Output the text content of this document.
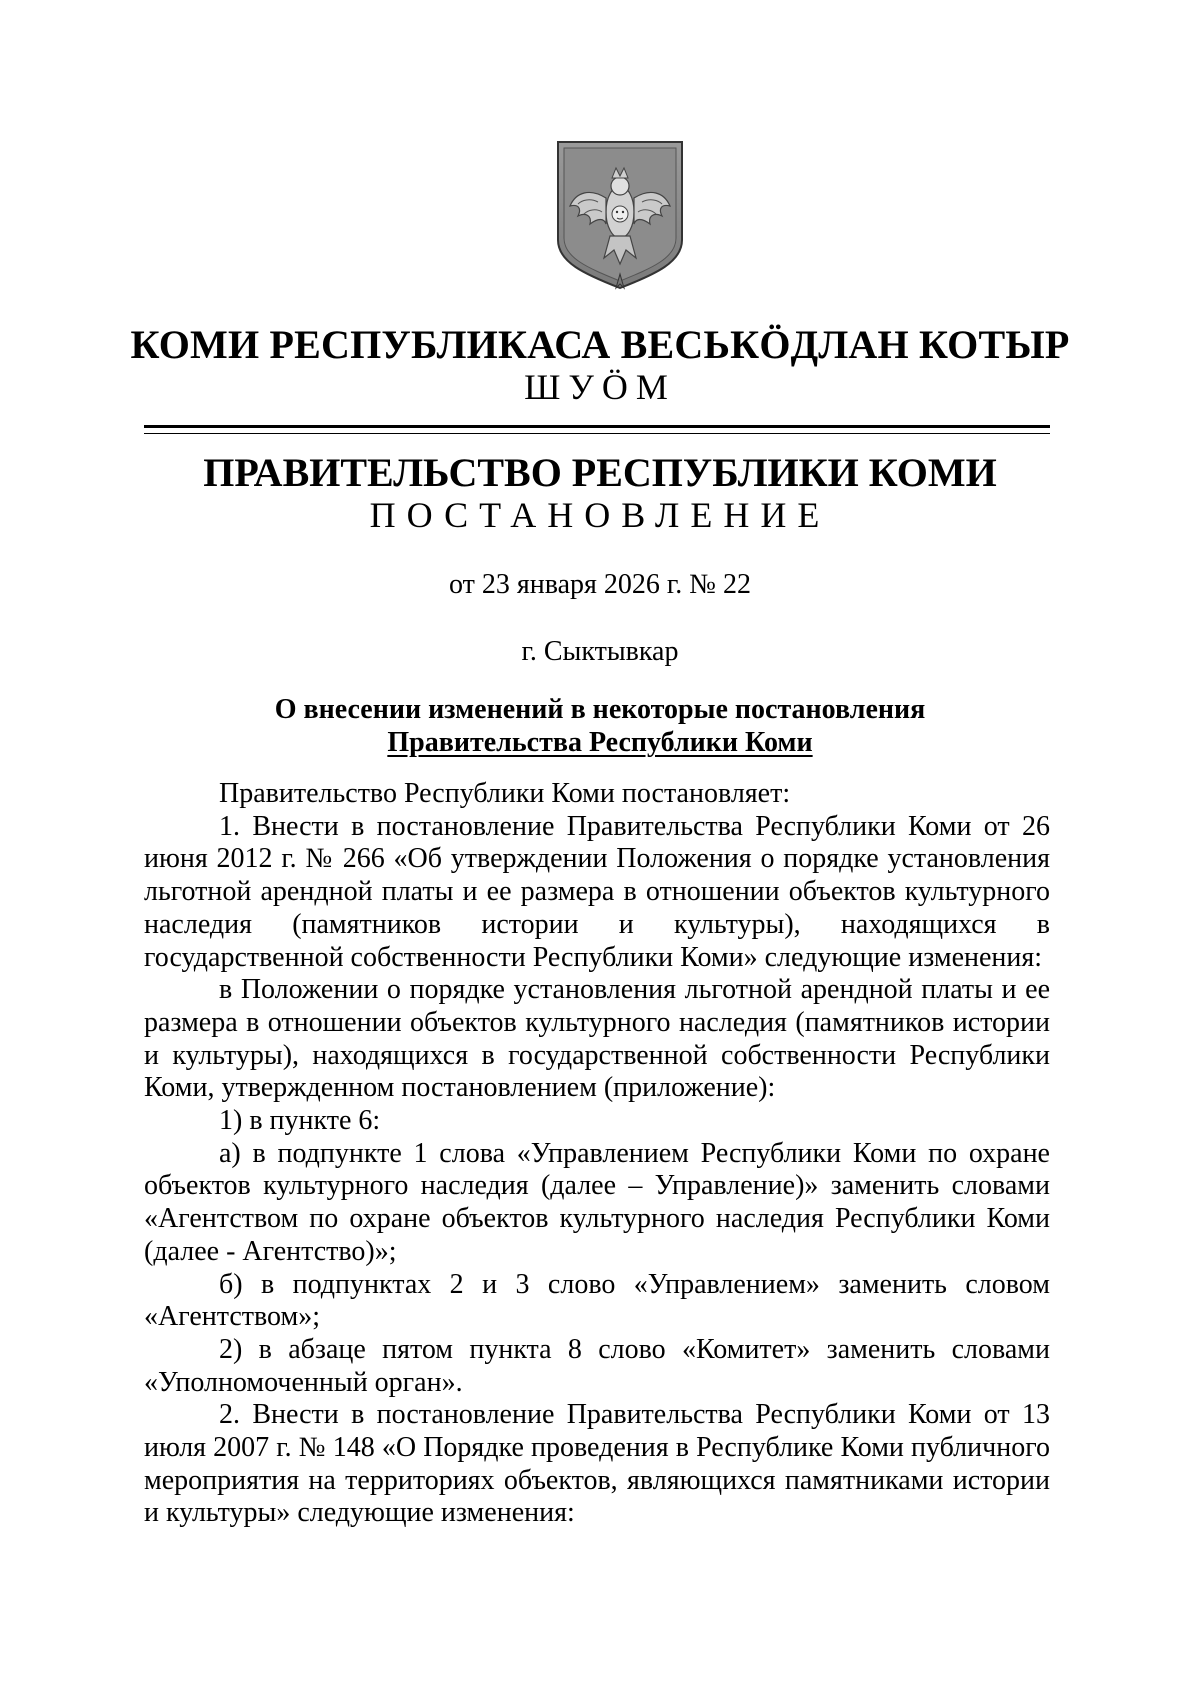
КОМИ РЕСПУБЛИКАСА ВЕСЬКӦДЛАН КОТЫР
ШУӦМ
ПРАВИТЕЛЬСТВО РЕСПУБЛИКИ КОМИ
ПОСТАНОВЛЕНИЕ
от 23 января 2026 г. № 22
г. Сыктывкар
О внесении изменений в некоторые постановления
Правительства Республики Коми

Правительство Республики Коми постановляет:

1. Внести в постановление Правительства Республики Коми от 26 июня 2012 г. № 266 «Об утверждении Положения о порядке установления льготной арендной платы и ее размера в отношении объектов культурного наследия (памятников истории и культуры), находящихся в государственной собственности Республики Коми» следующие изменения:

в Положении о порядке установления льготной арендной платы и ее размера в отношении объектов культурного наследия (памятников истории и культуры), находящихся в государственной собственности Республики Коми, утвержденном постановлением (приложение):

1) в пункте 6:

а) в подпункте 1 слова «Управлением Республики Коми по охране объектов культурного наследия (далее – Управление)» заменить словами «Агентством по охране объектов культурного наследия Республики Коми (далее - Агентство)»;

б) в подпунктах 2 и 3 слово «Управлением» заменить словом «Агентством»;

2) в абзаце пятом пункта 8 слово «Комитет» заменить словами «Уполномоченный орган».

2. Внести в постановление Правительства Республики Коми от 13 июля 2007 г. № 148 «О Порядке проведения в Республике Коми публичного мероприятия на территориях объектов, являющихся памятниками истории и культуры» следующие изменения:
